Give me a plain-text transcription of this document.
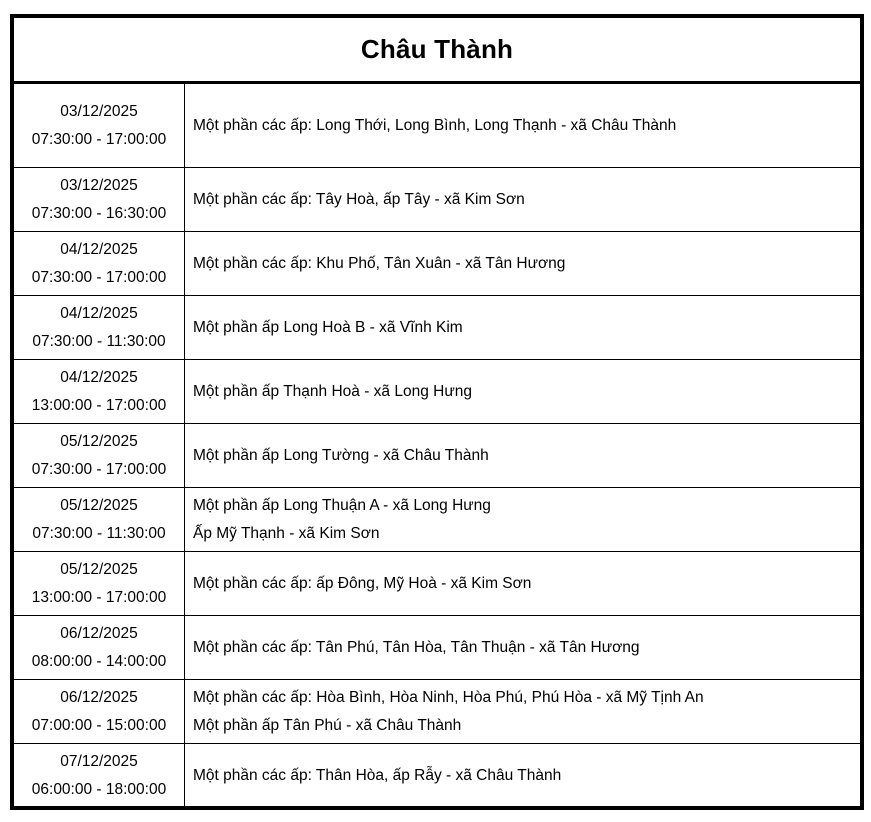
Châu Thành
03/12/2025
07:30:00 - 17:00:00	Một phần các ấp: Long Thới, Long Bình, Long Thạnh - xã Châu Thành

03/12/2025
07:30:00 - 16:30:00	Một phần các ấp: Tây Hoà, ấp Tây - xã Kim Sơn

04/12/2025
07:30:00 - 17:00:00	Một phần các ấp: Khu Phố, Tân Xuân - xã Tân Hương

04/12/2025
07:30:00 - 11:30:00	Một phần ấp Long Hoà B - xã Vĩnh Kim

04/12/2025
13:00:00 - 17:00:00	Một phần ấp Thạnh Hoà - xã Long Hưng

05/12/2025
07:30:00 - 17:00:00	Một phần ấp Long Tường - xã Châu Thành

05/12/2025
07:30:00 - 11:30:00	Một phần ấp Long Thuận A - xã Long Hưng
Ấp Mỹ Thạnh - xã Kim Sơn

05/12/2025
13:00:00 - 17:00:00	Một phần các ấp: ấp Đông, Mỹ Hoà - xã Kim Sơn

06/12/2025
08:00:00 - 14:00:00	Một phần các ấp: Tân Phú, Tân Hòa, Tân Thuận - xã Tân Hương

06/12/2025
07:00:00 - 15:00:00	Một phần các ấp: Hòa Bình, Hòa Ninh, Hòa Phú, Phú Hòa - xã Mỹ Tịnh An
Một phần ấp Tân Phú - xã Châu Thành

07/12/2025
06:00:00 - 18:00:00	Một phần các ấp: Thân Hòa, ấp Rẫy - xã Châu Thành
